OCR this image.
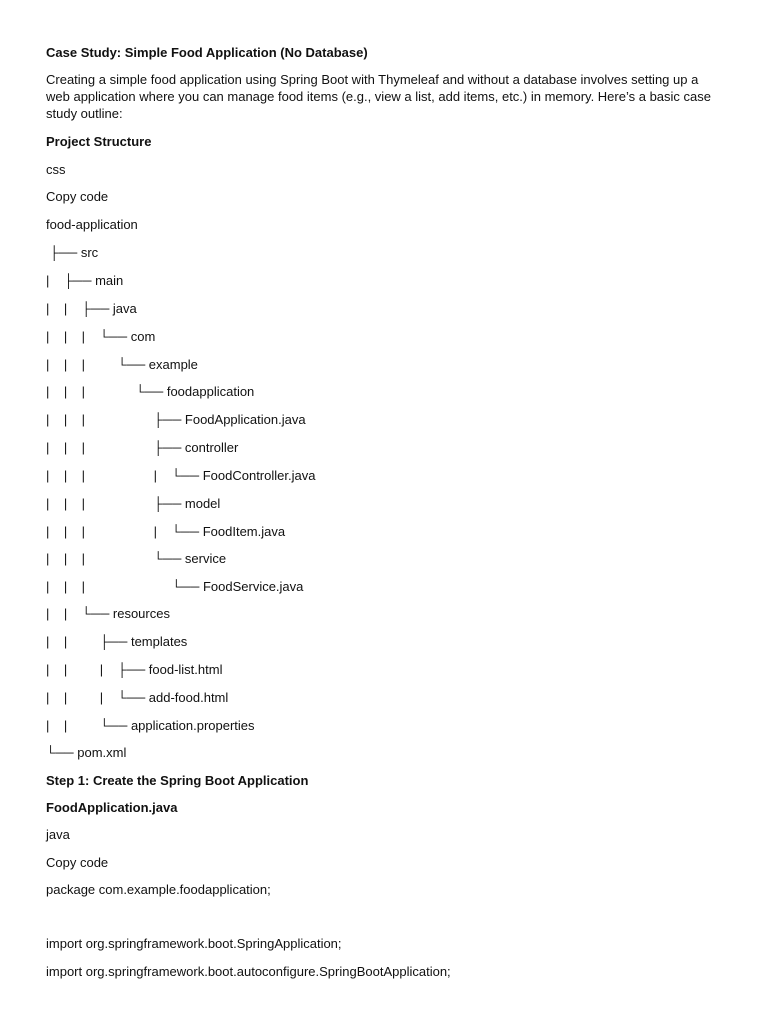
Case Study: Simple Food Application (No Database)
Creating a simple food application using Spring Boot with Thymeleaf and without a database involves setting up a web application where you can manage food items (e.g., view a list, add items, etc.) in memory. Here’s a basic case study outline:
Project Structure
css
Copy code
food-application
├── src
|    ├── main
|    |    ├── java
|    |    |    └── com
|    |    |         └── example
|    |    |              └── foodapplication
|    |    |                   ├── FoodApplication.java
|    |    |                   ├── controller
|    |    |                   |    └── FoodController.java
|    |    |                   ├── model
|    |    |                   |    └── FoodItem.java
|    |    |                   └── service
|    |    |                        └── FoodService.java
|    |    └── resources
|    |         ├── templates
|    |         |    ├── food-list.html
|    |         |    └── add-food.html
|    |         └── application.properties
└── pom.xml
Step 1: Create the Spring Boot Application
FoodApplication.java
java
Copy code
package com.example.foodapplication;
import org.springframework.boot.SpringApplication;
import org.springframework.boot.autoconfigure.SpringBootApplication;
